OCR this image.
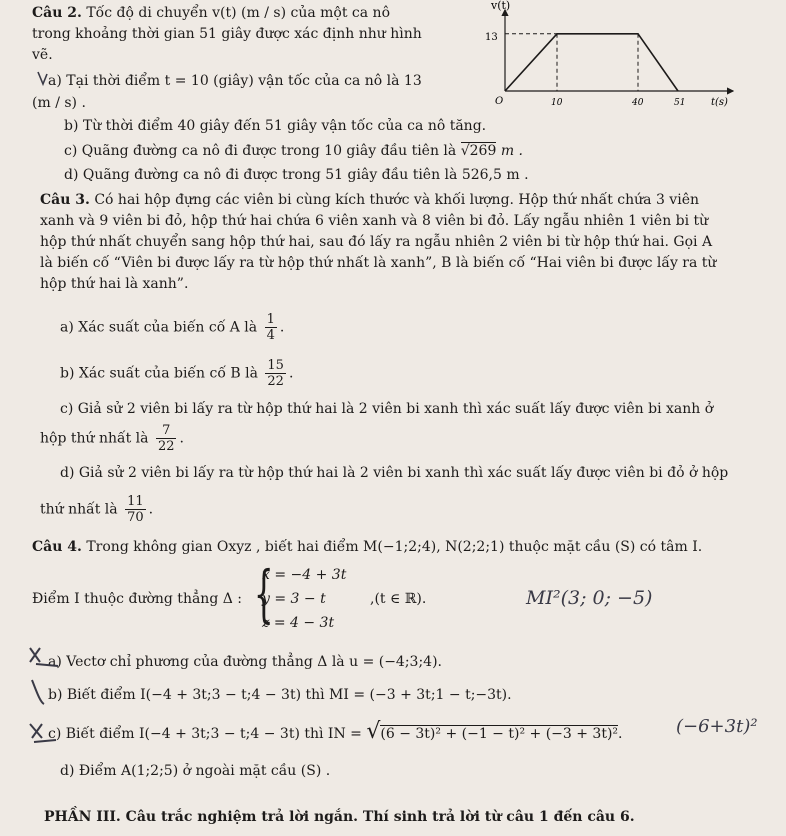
Câu 2. Tốc độ di chuyển v(t) (m / s) của một ca nô
trong khoảng thời gian 51 giây được xác định như hình
vẽ.
a) Tại thời điểm t = 10 (giây) vận tốc của ca nô là 13
(m / s) .
b) Từ thời điểm 40 giây đến 51 giây vận tốc của ca nô tăng.
c) Quãng đường ca nô đi được trong 10 giây đầu tiên là √269 m .
d) Quãng đường ca nô đi được trong 51 giây đầu tiên là 526,5 m .
v(t)
13
O	10	40	51	t(s)
Câu 3. Có hai hộp đựng các viên bi cùng kích thước và khối lượng. Hộp thứ nhất chứa 3 viên
xanh và 9 viên bi đỏ, hộp thứ hai chứa 6 viên xanh và 8 viên bi đỏ. Lấy ngẫu nhiên 1 viên bi từ
hộp thứ nhất chuyển sang hộp thứ hai, sau đó lấy ra ngẫu nhiên 2 viên bi từ hộp thứ hai. Gọi A
là biến cố “Viên bi được lấy ra từ hộp thứ nhất là xanh”, B là biến cố “Hai viên bi được lấy ra từ
hộp thứ hai là xanh”.
a) Xác suất của biến cố A là $\frac{1}{4}$ .
b) Xác suất của biến cố B là $\frac{15}{22}$ .
c) Giả sử 2 viên bi lấy ra từ hộp thứ hai là 2 viên bi xanh thì xác suất lấy được viên bi xanh ở
hộp thứ nhất là $\frac{7}{22}$ .
d) Giả sử 2 viên bi lấy ra từ hộp thứ hai là 2 viên bi xanh thì xác suất lấy được viên bi đỏ ở hộp
thứ nhất là $\frac{11}{70}$ .
Câu 4. Trong không gian Oxyz , biết hai điểm M(−1;2;4), N(2;2;1) thuộc mặt cầu (S) có tâm I.
Điểm I thuộc đường thẳng Δ : {
x = −4 + 3t
y = 3 − t
z = 4 − 3t
,(t ∈ ℝ).
a) Vectơ chỉ phương của đường thẳng Δ là u = (−4;3;4).
b) Biết điểm I(−4 + 3t;3 − t;4 − 3t) thì MI = (−3 + 3t;1 − t;−3t).
c) Biết điểm I(−4 + 3t;3 − t;4 − 3t) thì IN = √(6 − 3t)² + (−1 − t)² + (−3 + 3t)².
d) Điểm A(1;2;5) ở ngoài mặt cầu (S) .
PHẦN III. Câu trắc nghiệm trả lời ngắn. Thí sinh trả lời từ câu 1 đến câu 6.
MI²(3; 0; −5)
(−6+3t)²
